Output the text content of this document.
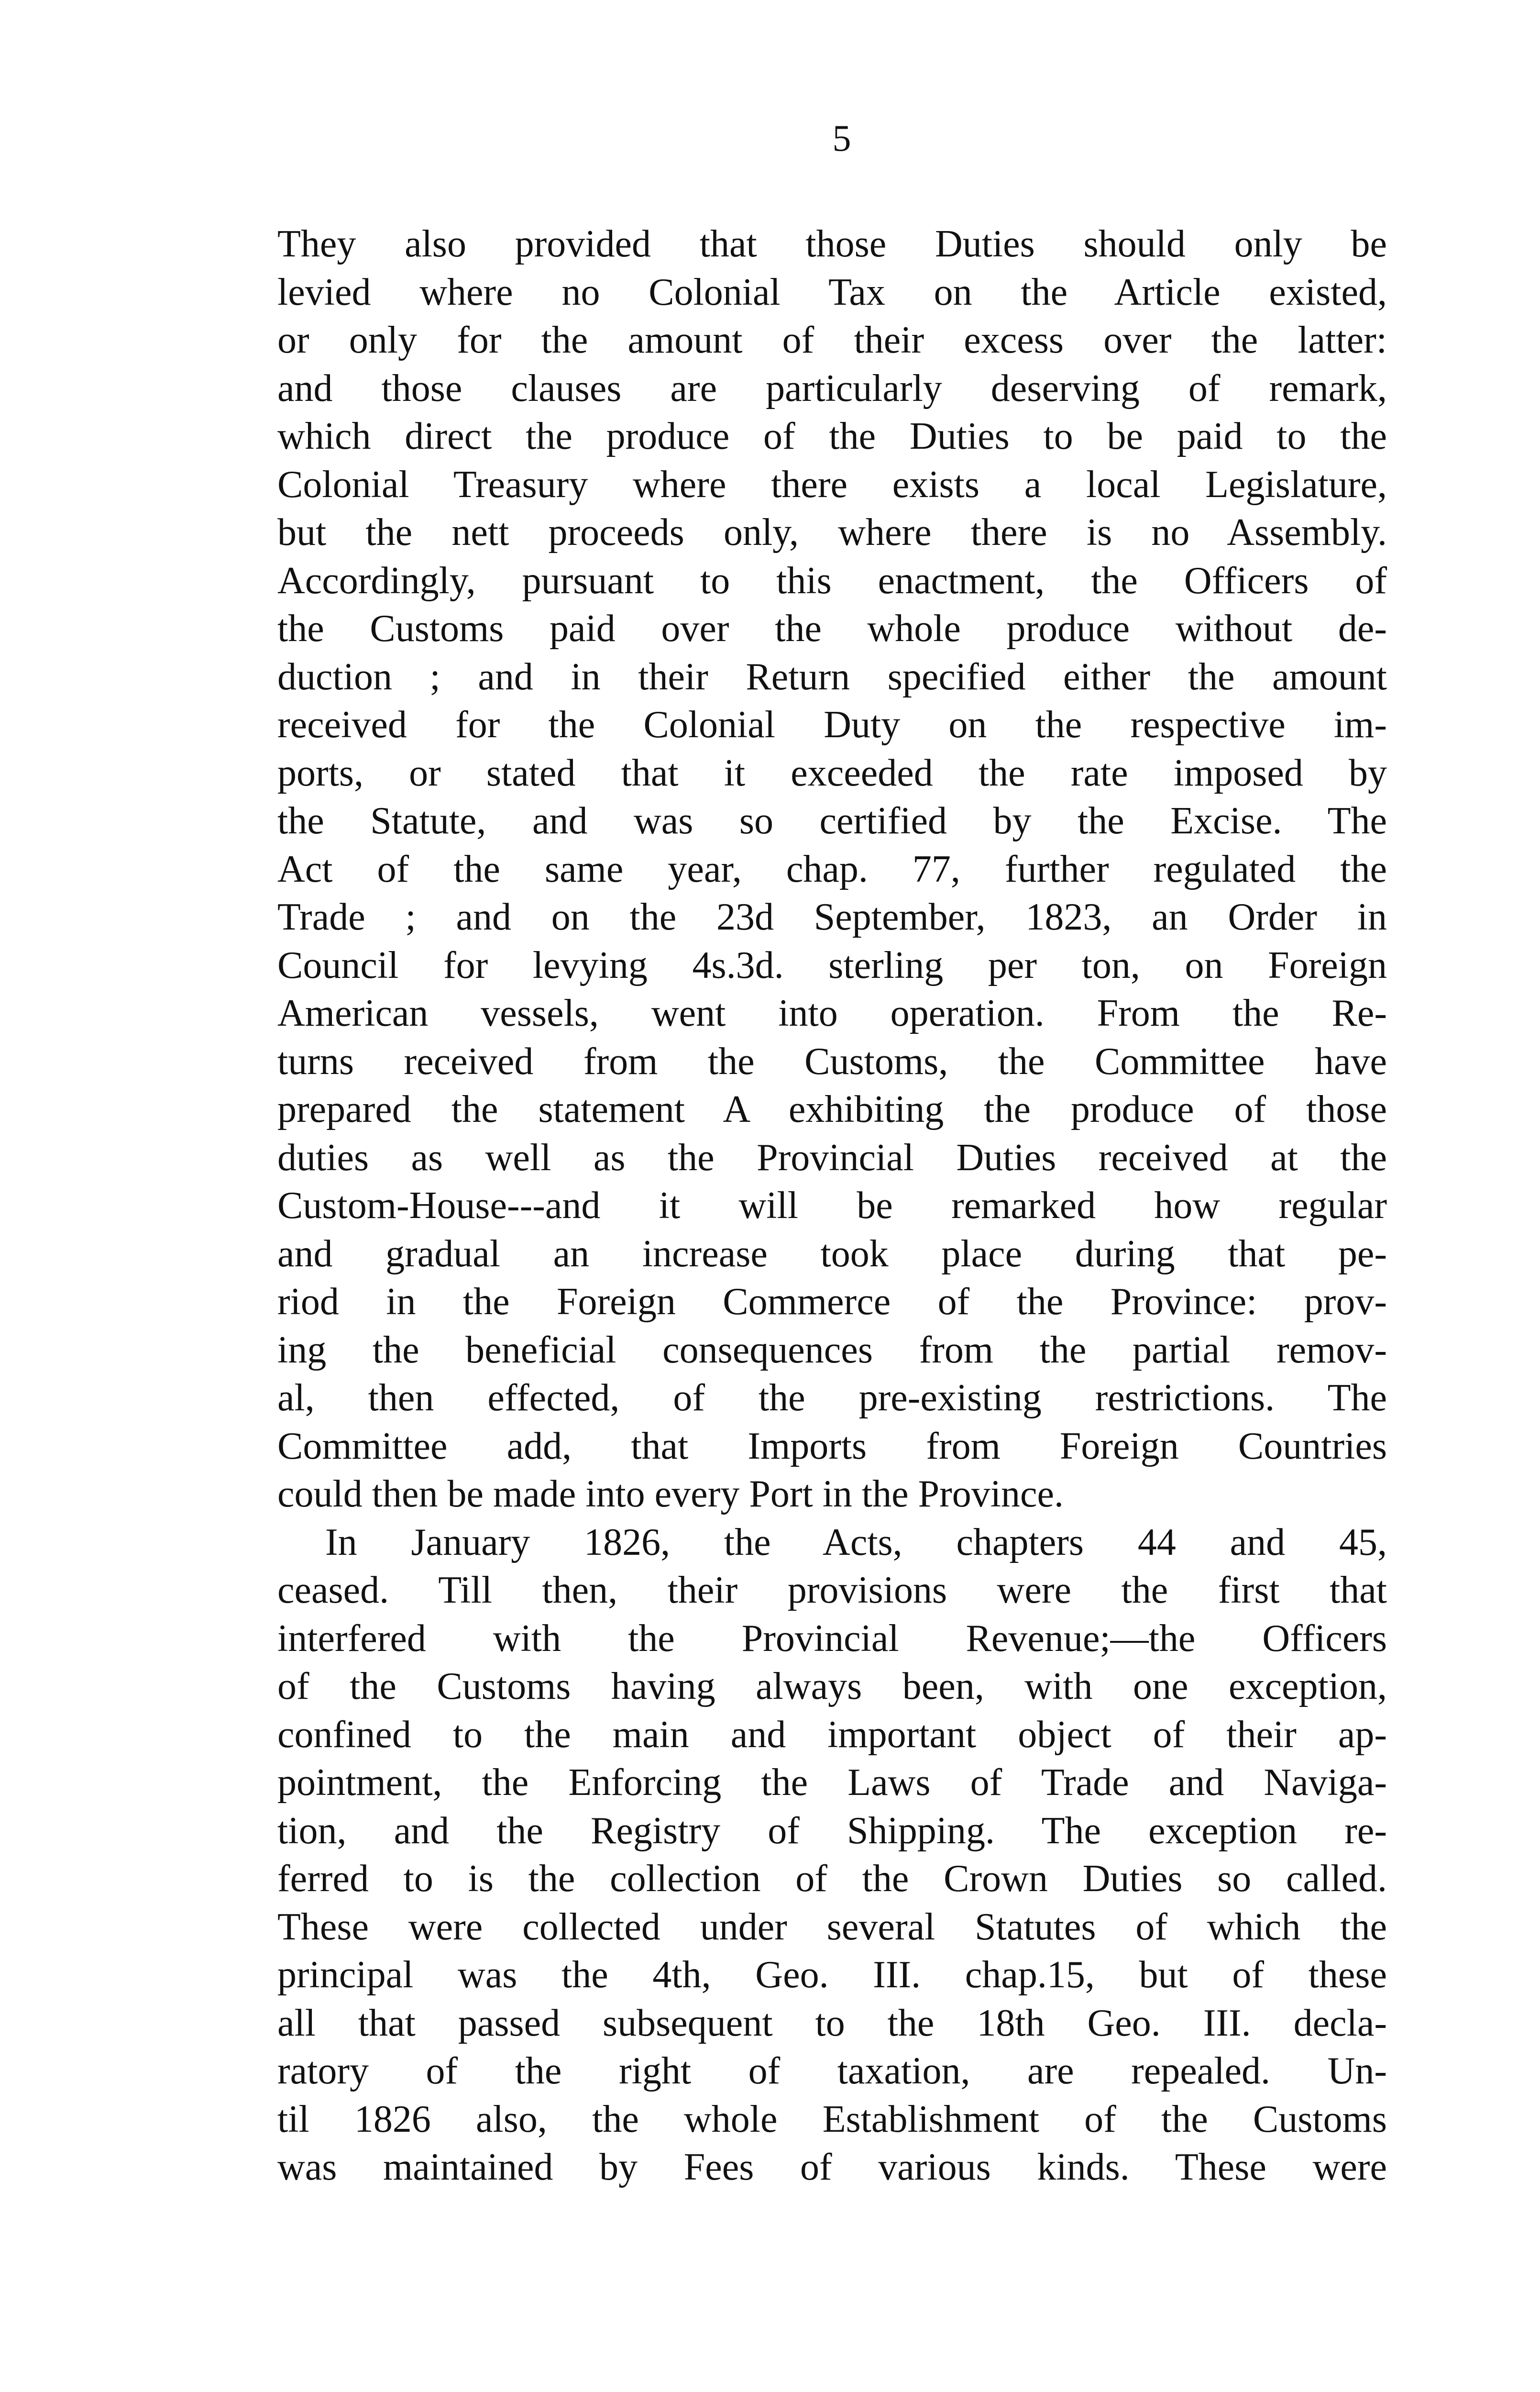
5
They also provided that those Duties should only be
levied where no Colonial Tax on the Article existed,
or only for the amount of their excess over the latter:
and those clauses are particularly deserving of remark,
which direct the produce of the Duties to be paid to the
Colonial Treasury where there exists a local Legislature,
but the nett proceeds only, where there is no Assembly.
Accordingly, pursuant to this enactment, the Officers of
the Customs paid over the whole produce without de-
duction ; and in their Return specified either the amount
received for the Colonial Duty on the respective im-
ports, or stated that it exceeded the rate imposed by
the Statute, and was so certified by the Excise. The
Act of the same year, chap. 77, further regulated the
Trade ; and on the 23d September, 1823, an Order in
Council for levying 4s.3d. sterling per ton, on Foreign
American vessels, went into operation. From the Re-
turns received from the Customs, the Committee have
prepared the statement A exhibiting the produce of those
duties as well as the Provincial Duties received at the
Custom-House---and it will be remarked how regular
and gradual an increase took place during that pe-
riod in the Foreign Commerce of the Province: prov-
ing the beneficial consequences from the partial remov-
al, then effected, of the pre-existing restrictions. The
Committee add, that Imports from Foreign Countries
could then be made into every Port in the Province.
In January 1826, the Acts, chapters 44 and 45,
ceased. Till then, their provisions were the first that
interfered with the Provincial Revenue;—the Officers
of the Customs having always been, with one exception,
confined to the main and important object of their ap-
pointment, the Enforcing the Laws of Trade and Naviga-
tion, and the Registry of Shipping. The exception re-
ferred to is the collection of the Crown Duties so called.
These were collected under several Statutes of which the
principal was the 4th, Geo. III. chap.15, but of these
all that passed subsequent to the 18th Geo. III. decla-
ratory of the right of taxation, are repealed. Un-
til 1826 also, the whole Establishment of the Customs
was maintained by Fees of various kinds. These were
